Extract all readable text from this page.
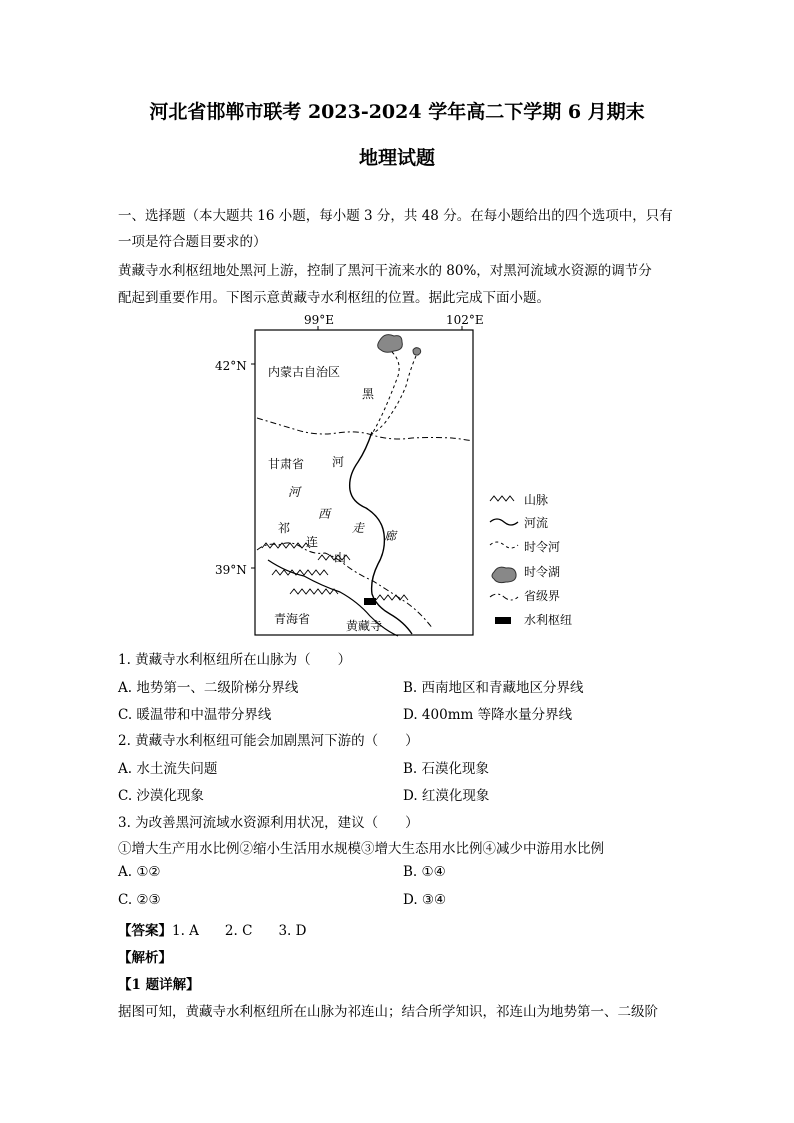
河北省邯郸市联考 2023-2024 学年高二下学期 6 月期末
地理试题
一、选择题（本大题共 16 小题，每小题 3 分，共 48 分。在每小题给出的四个选项中，只有
一项是符合题目要求的）
黄藏寺水利枢纽地处黑河上游，控制了黑河干流来水的 80%，对黑河流域水资源的调节分
配起到重要作用。下图示意黄藏寺水利枢纽的位置。据此完成下面小题。
99°E	102°E
42°N
39°N
内蒙古自治区
黑
甘肃省 河
河
西
走
廊
祁
连
山
青海省	黄藏寺
山脉
河流
时令河
时令湖
省级界
水利枢纽
1. 黄藏寺水利枢纽所在山脉为（　　）
A. 地势第一、二级阶梯分界线	B. 西南地区和青藏地区分界线
C. 暖温带和中温带分界线	D. 400mm 等降水量分界线
2. 黄藏寺水利枢纽可能会加剧黑河下游的（　　）
A. 水土流失问题	B. 石漠化现象
C. 沙漠化现象	D. 红漠化现象
3. 为改善黑河流域水资源利用状况，建议（　　）
①增大生产用水比例②缩小生活用水规模③增大生态用水比例④减少中游用水比例
A. ①②	B. ①④
C. ②③	D. ③④
【答案】1. A 2. C 3. D
【解析】
【1 题详解】
据图可知，黄藏寺水利枢纽所在山脉为祁连山；结合所学知识，祁连山为地势第一、二级阶
